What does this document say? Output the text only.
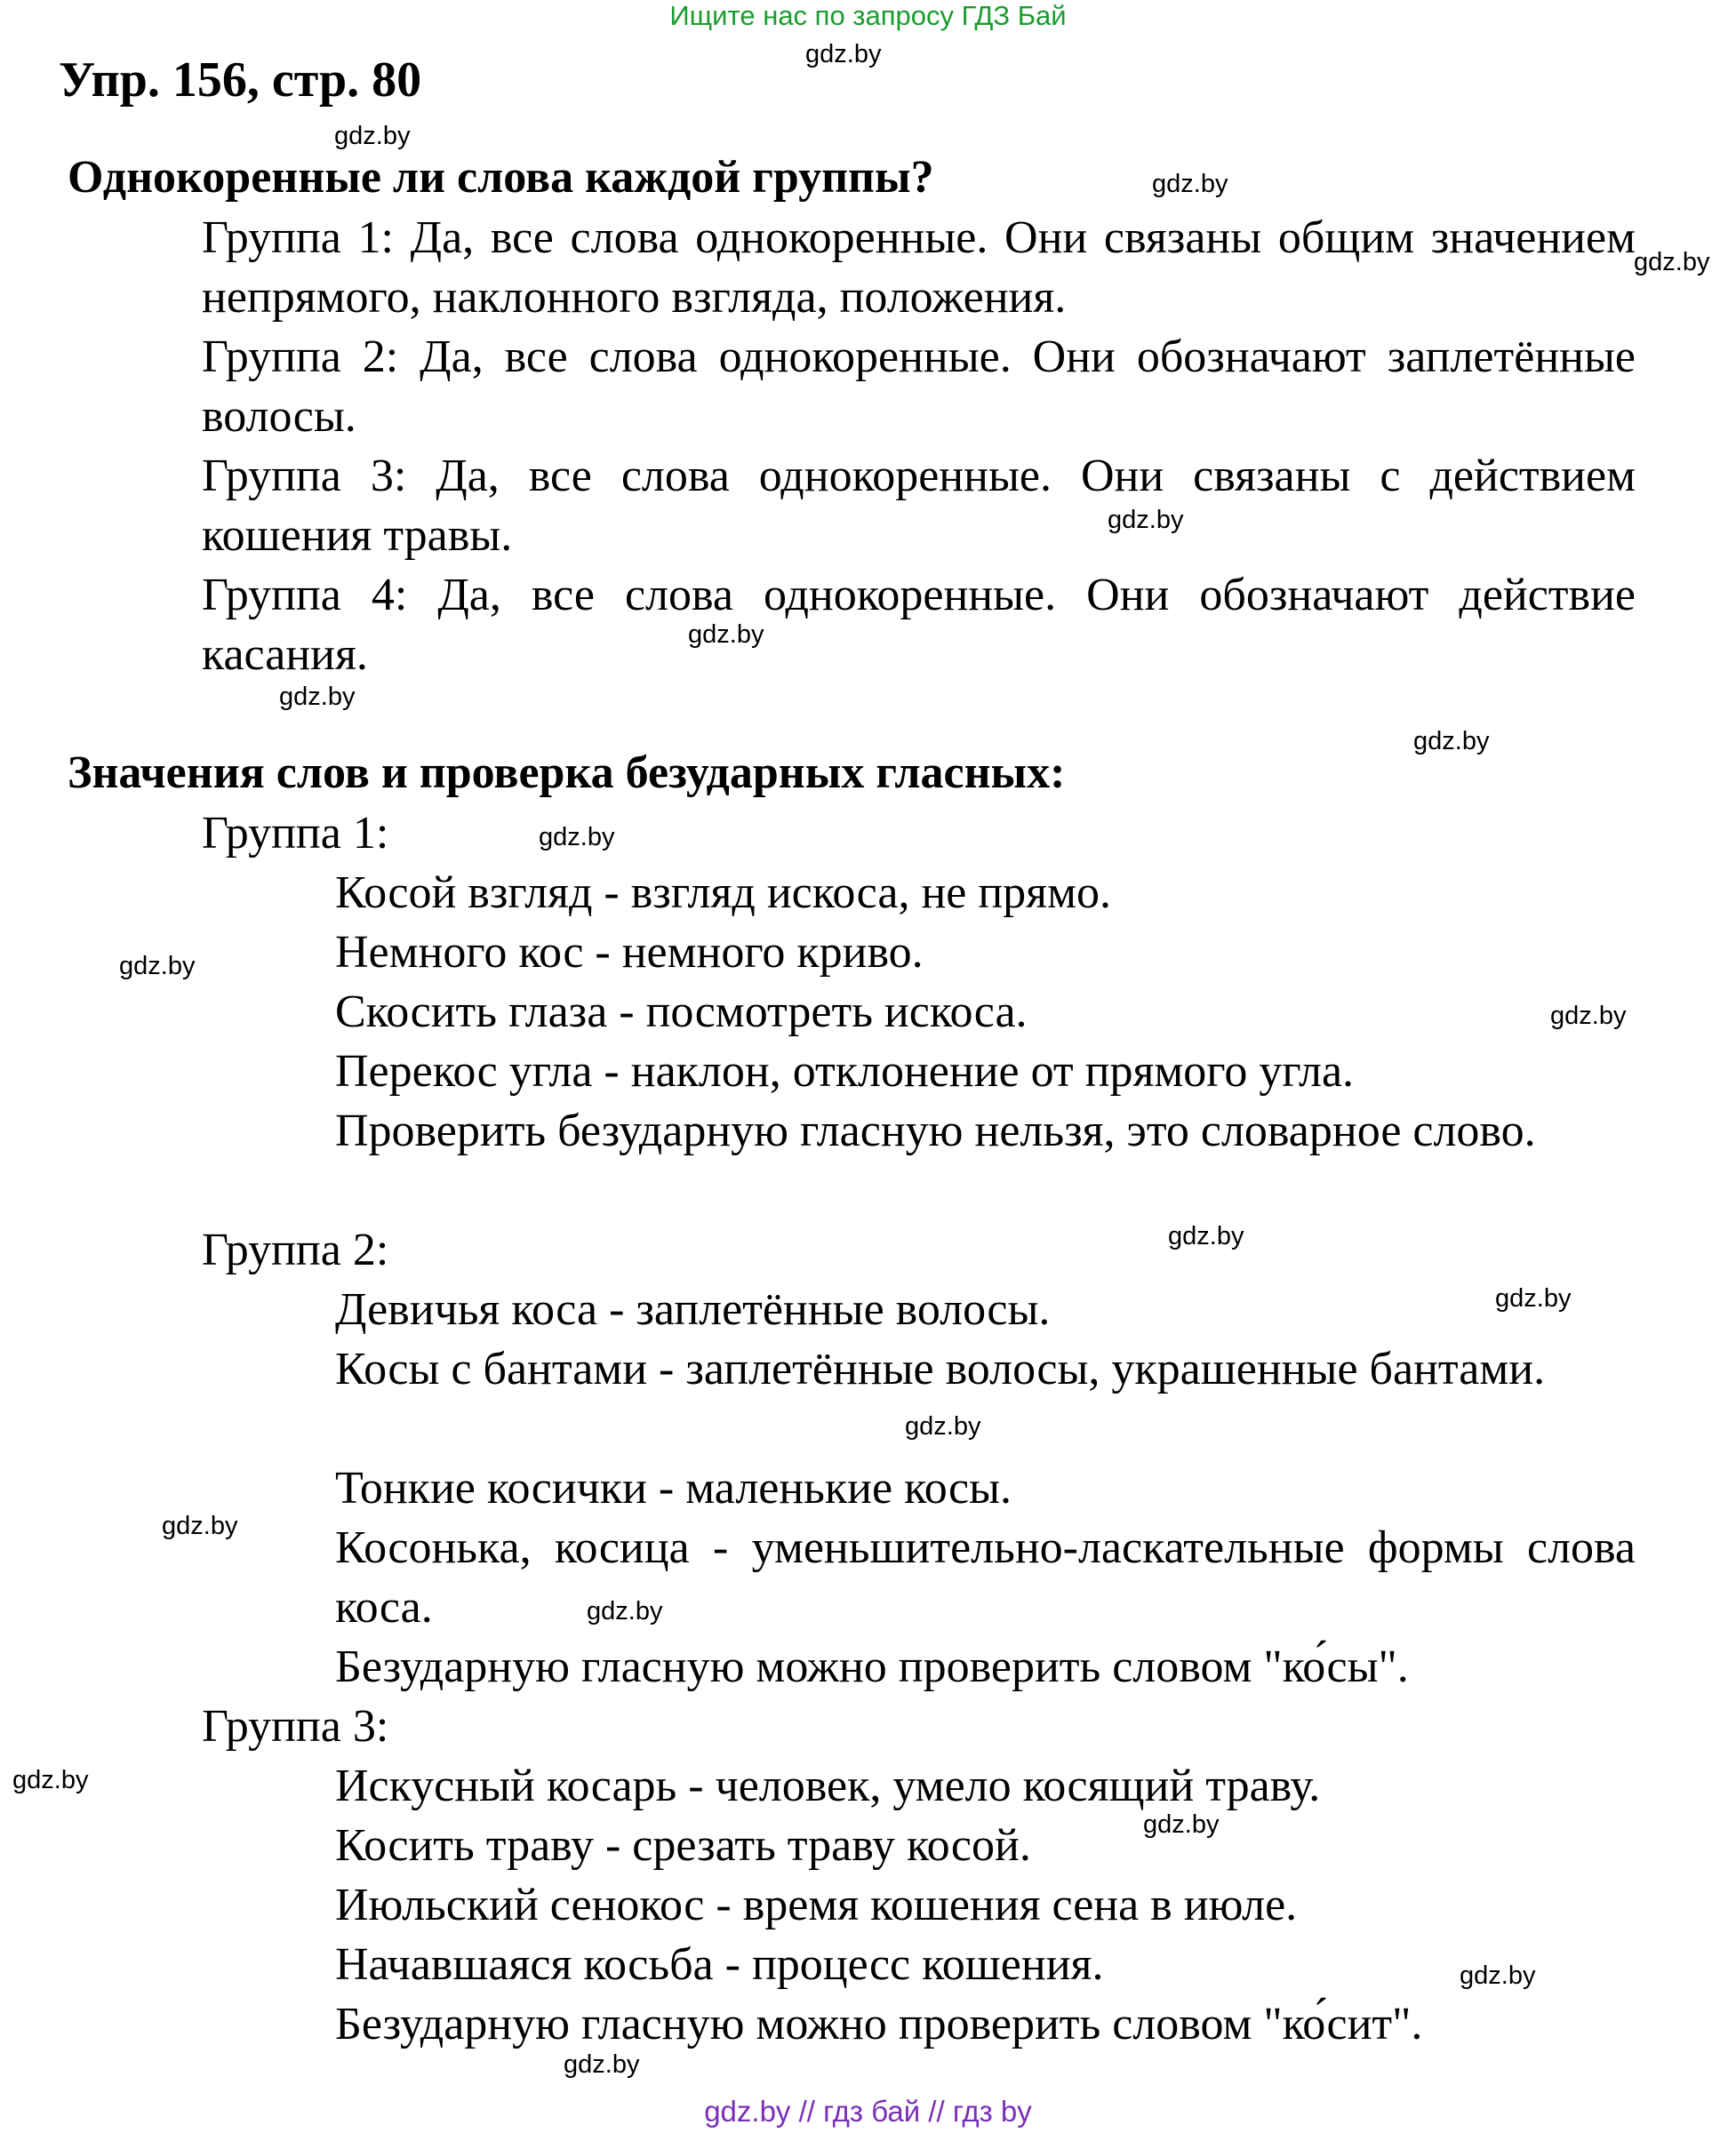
Ищите нас по запросу ГДЗ Бай
Упр. 156, стр. 80
Однокоренные ли слова каждой группы?

Группа 1: Да, все слова однокоренные. Они связаны общим значением непрямого, наклонного взгляда, положения.

Группа 2: Да, все слова однокоренные. Они обозначают заплетённые волосы.

Группа 3: Да, все слова однокоренные. Они связаны с действием кошения травы.

Группа 4: Да, все слова однокоренные. Они обозначают действие касания.

Значения слов и проверка безударных гласных:

Группа 1:

Косой взгляд - взгляд искоса, не прямо.

Немного кос - немного криво.

Скосить глаза - посмотреть искоса.

Перекос угла - наклон, отклонение от прямого угла.

Проверить безударную гласную нельзя, это словарное слово.

Группа 2:

Девичья коса - заплетённые волосы.

Косы с бантами - заплетённые волосы, украшенные бантами.

Тонкие косички - маленькие косы.

Косонька, косица - уменьшительно-ласкательные формы слова коса.

Безударную гласную можно проверить словом "ко́сы".

Группа 3:

Искусный косарь - человек, умело косящий траву.

Косить траву - срезать траву косой.

Июльский сенокос - время кошения сена в июле.

Начавшаяся косьба - процесс кошения.

Безударную гласную можно проверить словом "ко́сит".

gdz.by
gdz.by
gdz.by
gdz.by
gdz.by
gdz.by
gdz.by
gdz.by
gdz.by
gdz.by
gdz.by
gdz.by
gdz.by
gdz.by
gdz.by
gdz.by
gdz.by
gdz.by
gdz.by
gdz.by
gdz.by // гдз бай // гдз by
